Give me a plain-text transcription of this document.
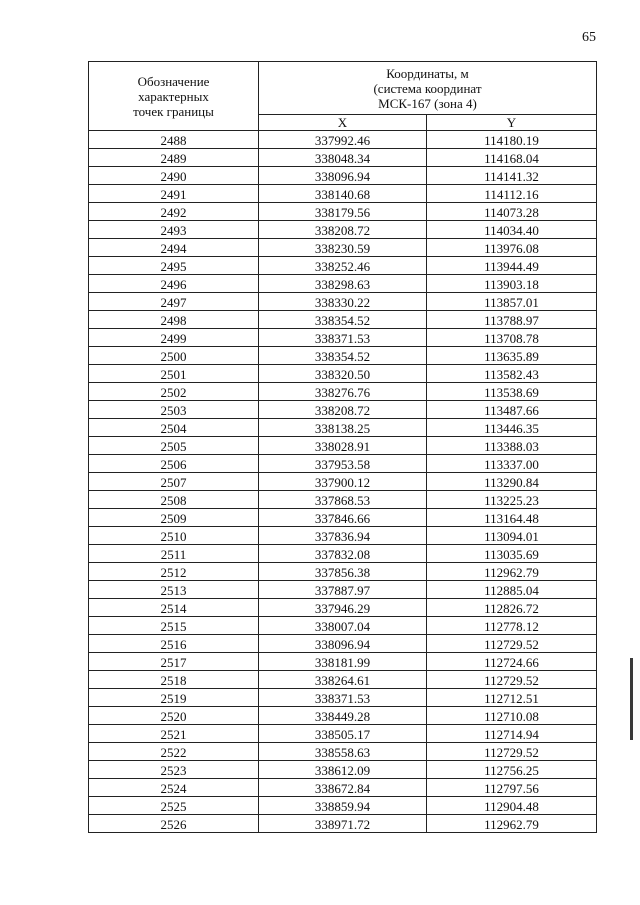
65
Обозначение
характерных
точек границы	Координаты, м
(система координат
МСК-167 (зона 4)	

	X	Y
2488	337992.46	114180.19
2489	338048.34	114168.04
2490	338096.94	114141.32
2491	338140.68	114112.16
2492	338179.56	114073.28
2493	338208.72	114034.40
2494	338230.59	113976.08
2495	338252.46	113944.49
2496	338298.63	113903.18
2497	338330.22	113857.01
2498	338354.52	113788.97
2499	338371.53	113708.78
2500	338354.52	113635.89
2501	338320.50	113582.43
2502	338276.76	113538.69
2503	338208.72	113487.66
2504	338138.25	113446.35
2505	338028.91	113388.03
2506	337953.58	113337.00
2507	337900.12	113290.84
2508	337868.53	113225.23
2509	337846.66	113164.48
2510	337836.94	113094.01
2511	337832.08	113035.69
2512	337856.38	112962.79
2513	337887.97	112885.04
2514	337946.29	112826.72
2515	338007.04	112778.12
2516	338096.94	112729.52
2517	338181.99	112724.66
2518	338264.61	112729.52
2519	338371.53	112712.51
2520	338449.28	112710.08
2521	338505.17	112714.94
2522	338558.63	112729.52
2523	338612.09	112756.25
2524	338672.84	112797.56
2525	338859.94	112904.48
2526	338971.72	112962.79
